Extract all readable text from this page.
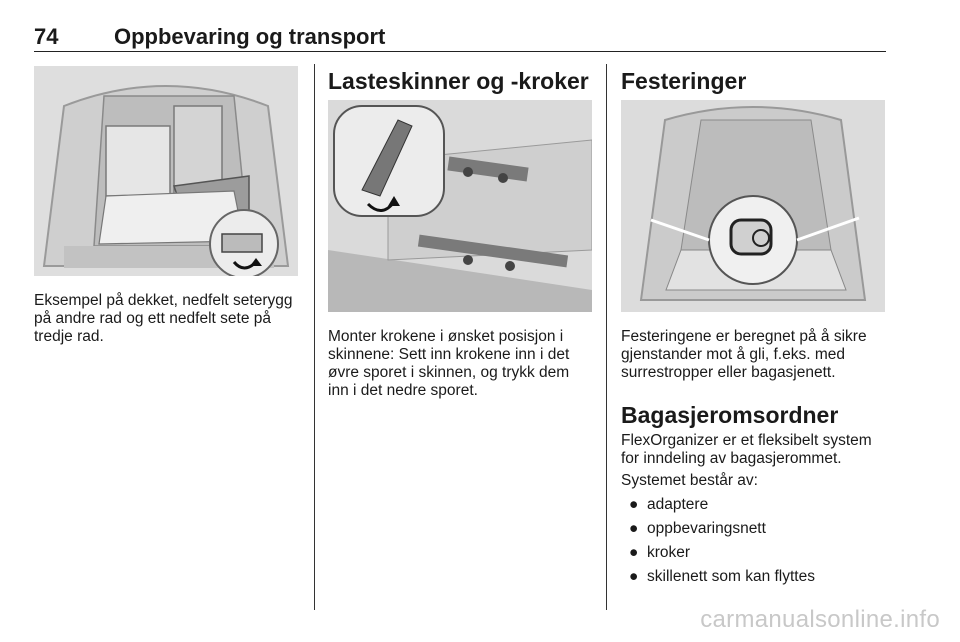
74	Oppbevaring og transport
Eksempel på dekket, nedfelt seterygg på andre rad og ett nedfelt sete på tredje rad.
Lasteskinner og -kroker
Monter krokene i ønsket posisjon i skinnene: Sett inn krokene inn i det øvre sporet i skinnen, og trykk dem inn i det nedre sporet.
Festeringer
Festeringene er beregnet på å sikre gjenstander mot å gli, f.eks. med surrestropper eller bagasjenett.
Bagasjeromsordner
FlexOrganizer er et fleksibelt system for inndeling av bagasjerommet.
Systemet består av:
● adaptere
● oppbevaringsnett
● kroker
● skillenett som kan flyttes
carmanualsonline.info
